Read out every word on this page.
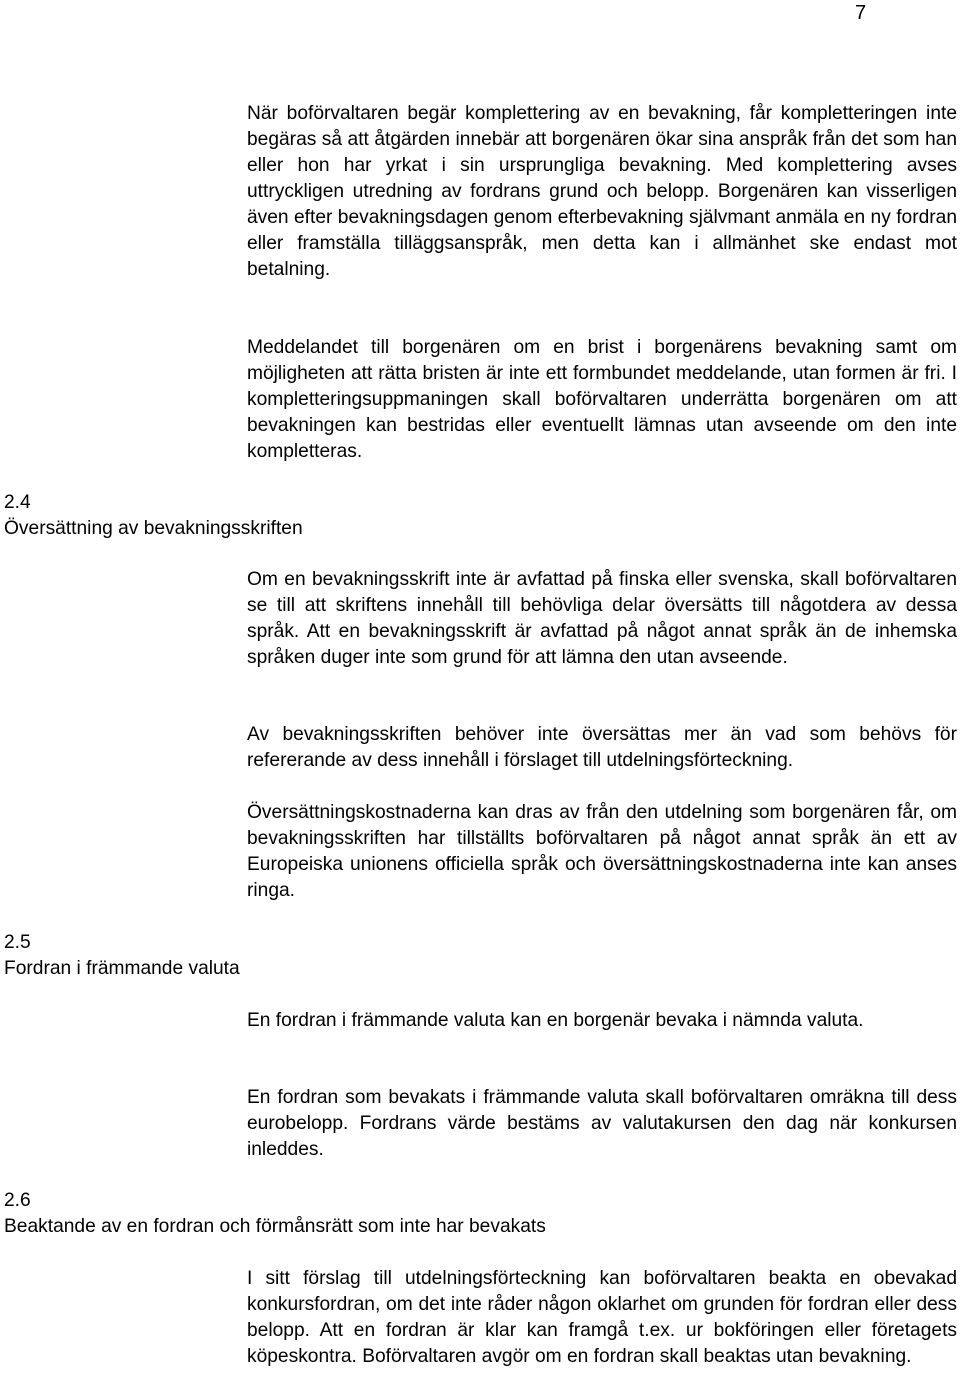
7

När boförvaltaren begär komplettering av en bevakning, får kompletteringen inte begäras så att åtgärden innebär att borgenären ökar sina anspråk från det som han eller hon har yrkat i sin ursprungliga bevakning. Med komplettering avses uttryckligen utredning av fordrans grund och belopp. Borgenären kan visserligen även efter bevakningsdagen genom efterbevakning självmant anmäla en ny fordran eller framställa tilläggsanspråk, men detta kan i allmänhet ske endast mot betalning.

Meddelandet till borgenären om en brist i borgenärens bevakning samt om möjligheten att rätta bristen är inte ett formbundet meddelande, utan formen är fri. I kompletteringsuppmaningen skall boförvaltaren underrätta borgenären om att bevakningen kan bestridas eller eventuellt lämnas utan avseende om den inte kompletteras.

2.4
Översättning av bevakningsskriften

Om en bevakningsskrift inte är avfattad på finska eller svenska, skall boförvaltaren se till att skriftens innehåll till behövliga delar översätts till någotdera av dessa språk. Att en bevakningsskrift är avfattad på något annat språk än de inhemska språken duger inte som grund för att lämna den utan avseende.

Av bevakningsskriften behöver inte översättas mer än vad som behövs för refererande av dess innehåll i förslaget till utdelningsförteckning.

Översättningskostnaderna kan dras av från den utdelning som borgenären får, om bevakningsskriften har tillställts boförvaltaren på något annat språk än ett av Europeiska unionens officiella språk och översättningskostnaderna inte kan anses ringa.

2.5
Fordran i främmande valuta

En fordran i främmande valuta kan en borgenär bevaka i nämnda valuta.

En fordran som bevakats i främmande valuta skall boförvaltaren omräkna till dess eurobelopp. Fordrans värde bestäms av valutakursen den dag när konkursen inleddes.

2.6
Beaktande av en fordran och förmånsrätt som inte har bevakats

I sitt förslag till utdelningsförteckning kan boförvaltaren beakta en obevakad konkursfordran, om det inte råder någon oklarhet om grunden för fordran eller dess belopp. Att en fordran är klar kan framgå t.ex. ur bokföringen eller företagets köpeskontra. Boförvaltaren avgör om en fordran skall beaktas utan bevakning.
